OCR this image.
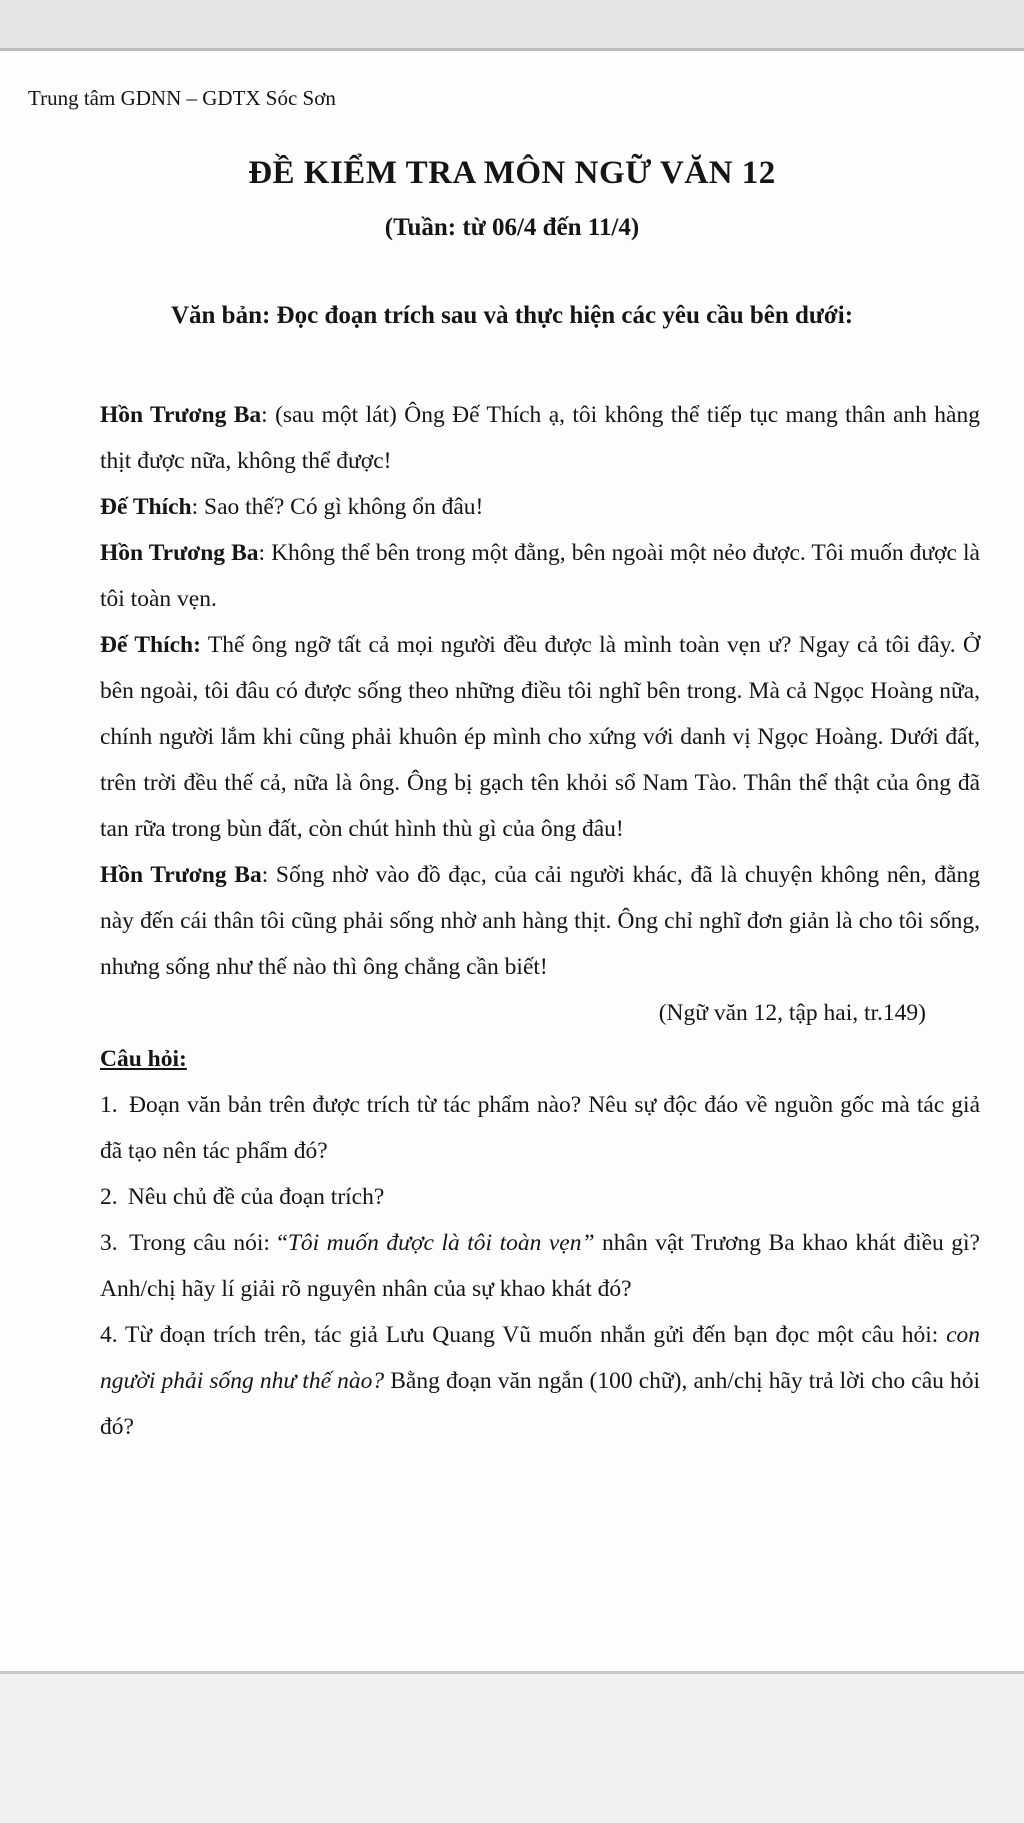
Trung tâm GDNN – GDTX Sóc Sơn
ĐỀ KIỂM TRA MÔN NGỮ VĂN 12
(Tuần: từ 06/4 đến 11/4)
Văn bản: Đọc đoạn trích sau và thực hiện các yêu cầu bên dưới:

Hồn Trương Ba: (sau một lát) Ông Đế Thích ạ, tôi không thể tiếp tục mang thân anh hàng thịt được nữa, không thể được!

Đế Thích: Sao thế? Có gì không ổn đâu!

Hồn Trương Ba: Không thể bên trong một đằng, bên ngoài một nẻo được. Tôi muốn được là tôi toàn vẹn.

Đế Thích: Thế ông ngỡ tất cả mọi người đều được là mình toàn vẹn ư? Ngay cả tôi đây. Ở bên ngoài, tôi đâu có được sống theo những điều tôi nghĩ bên trong. Mà cả Ngọc Hoàng nữa, chính người lắm khi cũng phải khuôn ép mình cho xứng với danh vị Ngọc Hoàng. Dưới đất, trên trời đều thế cả, nữa là ông. Ông bị gạch tên khỏi sổ Nam Tào. Thân thể thật của ông đã tan rữa trong bùn đất, còn chút hình thù gì của ông đâu!

Hồn Trương Ba: Sống nhờ vào đồ đạc, của cải người khác, đã là chuyện không nên, đằng này đến cái thân tôi cũng phải sống nhờ anh hàng thịt. Ông chỉ nghĩ đơn giản là cho tôi sống, nhưng sống như thế nào thì ông chẳng cần biết!

(Ngữ văn 12, tập hai, tr.149)

Câu hỏi:

1. Đoạn văn bản trên được trích từ tác phẩm nào? Nêu sự độc đáo về nguồn gốc mà tác giả đã tạo nên tác phẩm đó?

2. Nêu chủ đề của đoạn trích?

3. Trong câu nói: “Tôi muốn được là tôi toàn vẹn” nhân vật Trương Ba khao khát điều gì? Anh/chị hãy lí giải rõ nguyên nhân của sự khao khát đó?

4. Từ đoạn trích trên, tác giả Lưu Quang Vũ muốn nhắn gửi đến bạn đọc một câu hỏi: con người phải sống như thế nào? Bằng đoạn văn ngắn (100 chữ), anh/chị hãy trả lời cho câu hỏi đó?
